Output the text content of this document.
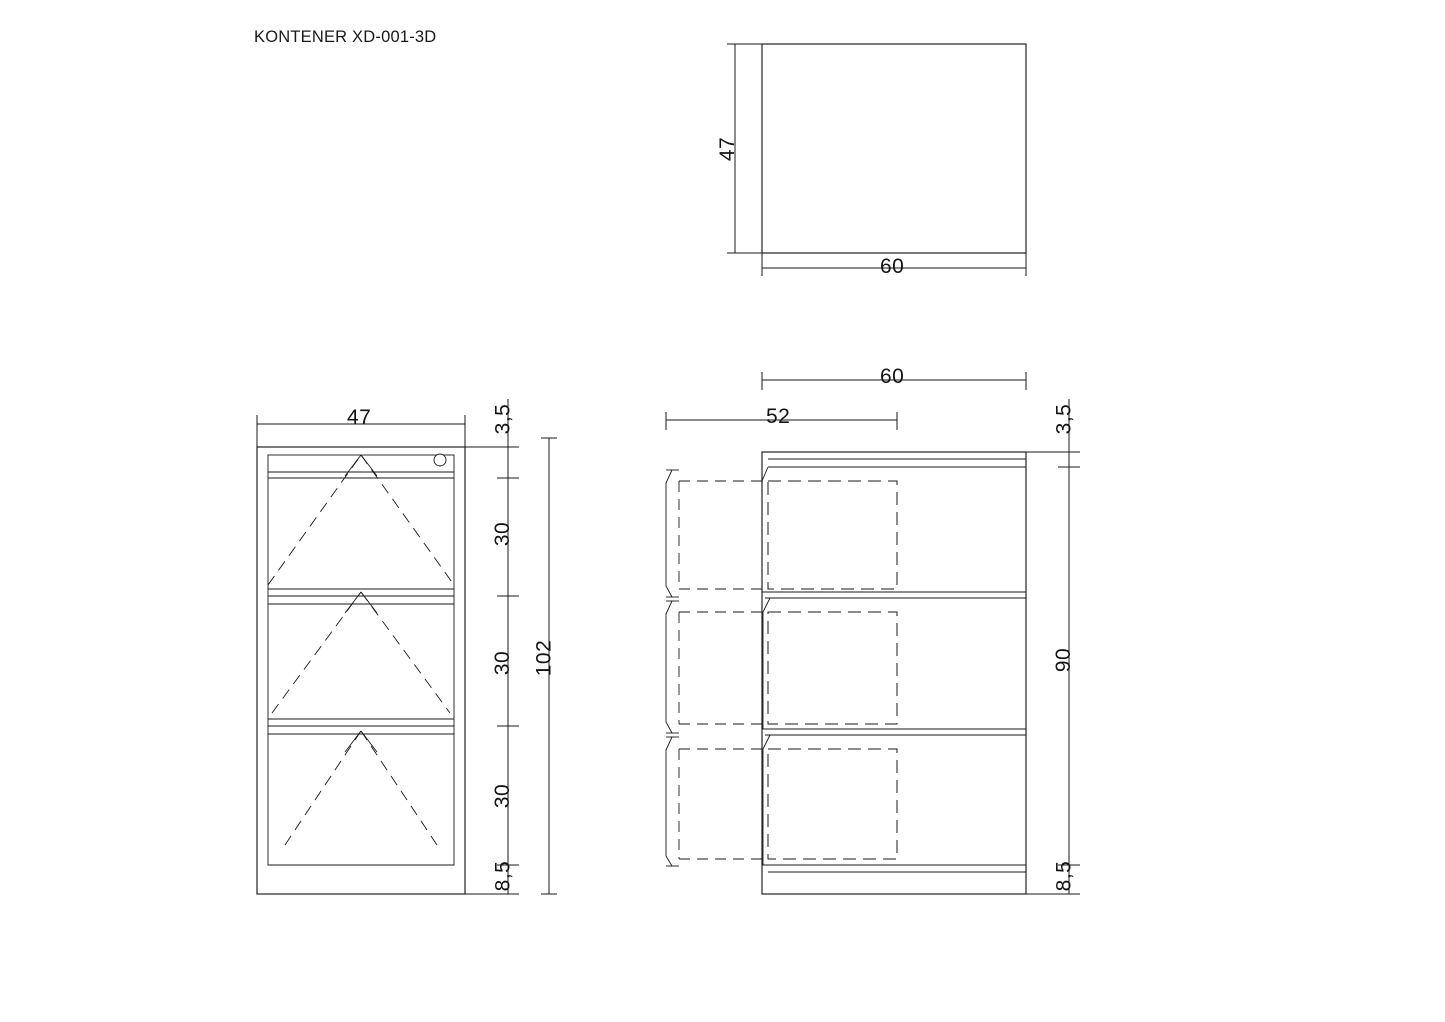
KONTENER XD-001-3D
47
60
47	3,5
30
30
30
8,5
102
60
52	3,5
90
8,5
